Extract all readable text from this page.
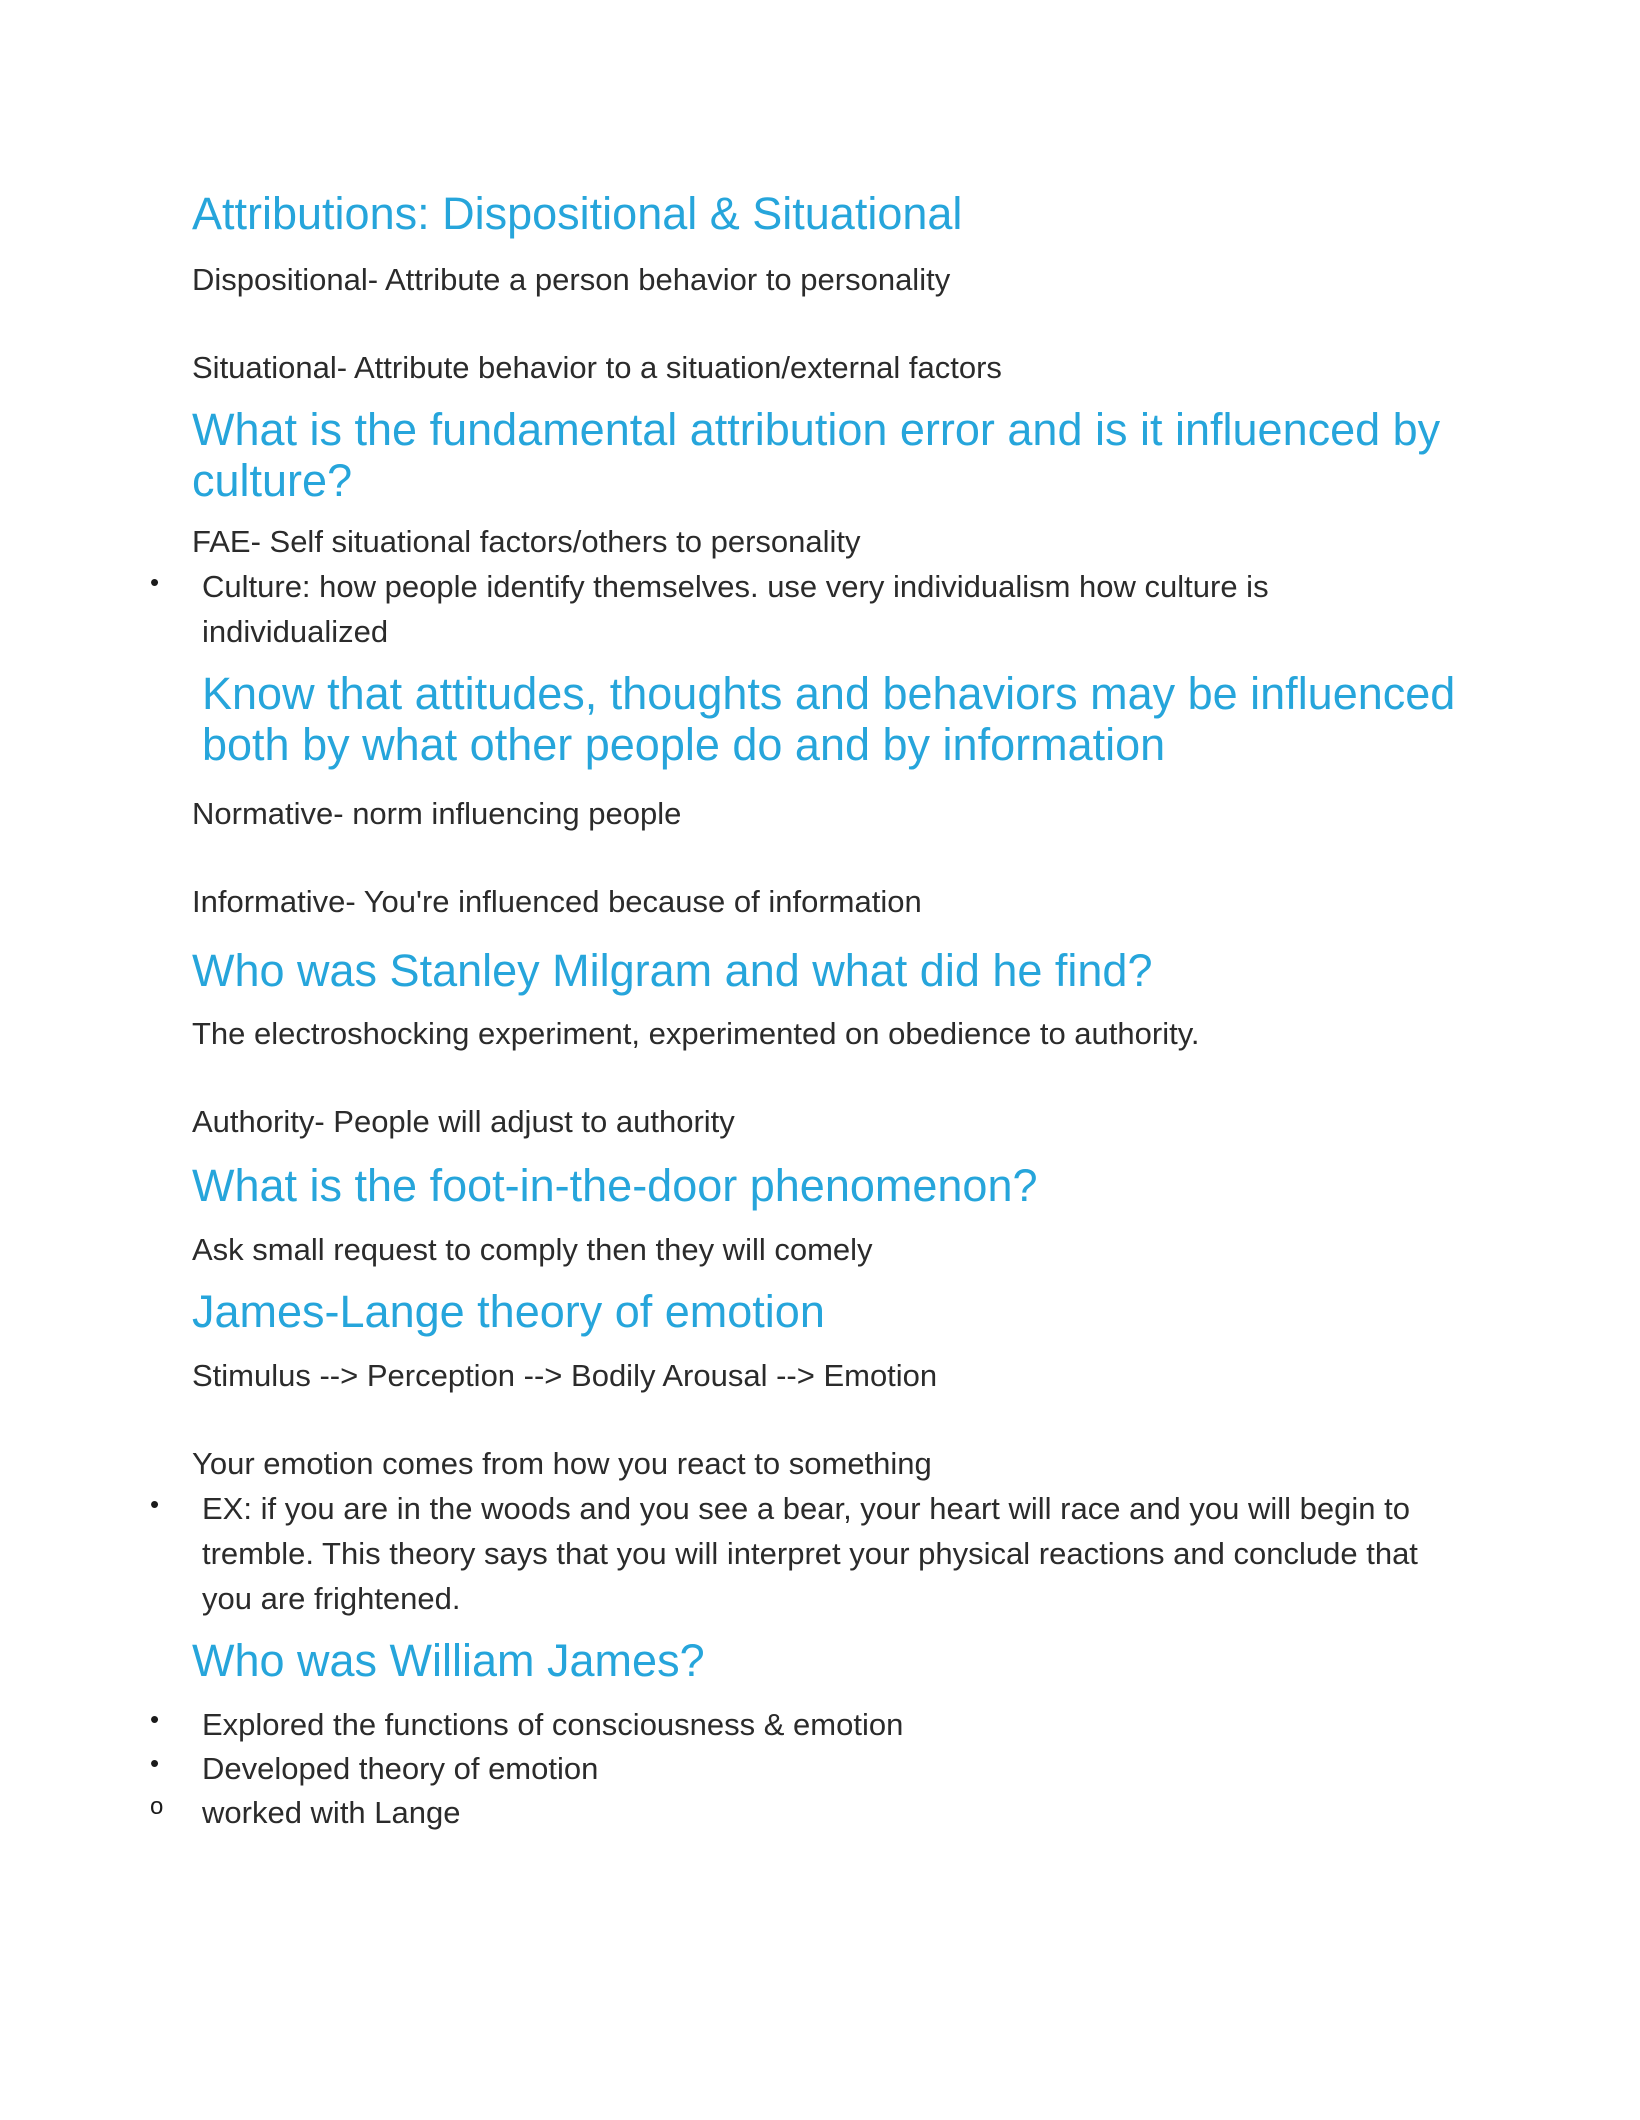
Attributions: Dispositional & Situational

Dispositional- Attribute a person behavior to personality

Situational- Attribute behavior to a situation/external factors

What is the fundamental attribution error and is it influenced by culture?

FAE- Self situational factors/others to personality

• Culture: how people identify themselves. use very individualism how culture is individualized

Know that attitudes, thoughts and behaviors may be influenced both by what other people do and by information

Normative- norm influencing people

Informative- You're influenced because of information

Who was Stanley Milgram and what did he find?

The electroshocking experiment, experimented on obedience to authority.

Authority- People will adjust to authority

What is the foot-in-the-door phenomenon?

Ask small request to comply then they will comely

James-Lange theory of emotion

Stimulus --> Perception --> Bodily Arousal --> Emotion

Your emotion comes from how you react to something

• EX: if you are in the woods and you see a bear, your heart will race and you will begin to tremble. This theory says that you will interpret your physical reactions and conclude that you are frightened.

Who was William James?
• Explored the functions of consciousness & emotion

• Developed theory of emotion

o worked with Lange
